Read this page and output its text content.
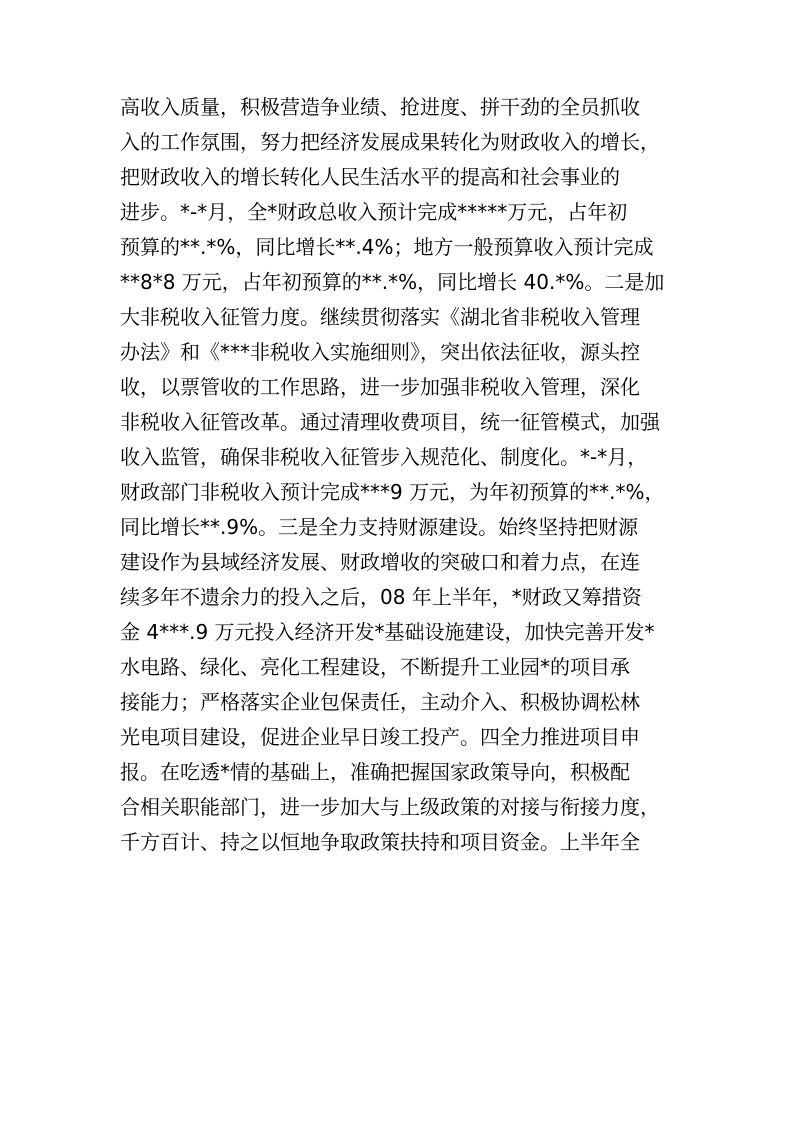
高收入质量，积极营造争业绩、抢进度、拼干劲的全员抓收
入的工作氛围，努力把经济发展成果转化为财政收入的增长，
把财政收入的增长转化人民生活水平的提高和社会事业的
进步。*-*月，全*财政总收入预计完成*****万元，占年初
预算的**.*%，同比增长**.4%；地方一般预算收入预计完成
**8*8 万元，占年初预算的**.*%，同比增长 40.*%。二是加
大非税收入征管力度。继续贯彻落实《湖北省非税收入管理
办法》和《***非税收入实施细则》，突出依法征收，源头控
收，以票管收的工作思路，进一步加强非税收入管理，深化
非税收入征管改革。通过清理收费项目，统一征管模式，加强
收入监管，确保非税收入征管步入规范化、制度化。*-*月，
财政部门非税收入预计完成***9 万元，为年初预算的**.*%，
同比增长**.9%。三是全力支持财源建设。始终坚持把财源
建设作为县域经济发展、财政增收的突破口和着力点，在连
续多年不遗余力的投入之后，08 年上半年，*财政又筹措资
金 4***.9 万元投入经济开发*基础设施建设，加快完善开发*
水电路、绿化、亮化工程建设，不断提升工业园*的项目承
接能力；严格落实企业包保责任，主动介入、积极协调松林
光电项目建设，促进企业早日竣工投产。四全力推进项目申
报。在吃透*情的基础上，准确把握国家政策导向，积极配
合相关职能部门，进一步加大与上级政策的对接与衔接力度，
千方百计、持之以恒地争取政策扶持和项目资金。上半年全
